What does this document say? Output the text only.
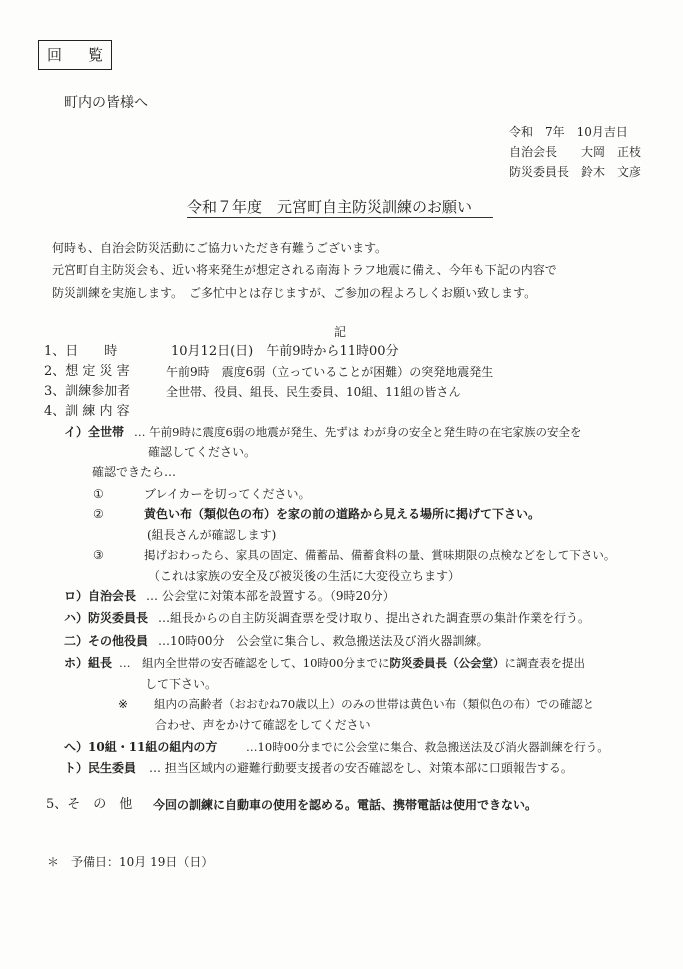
回 覧
町内の皆様へ
令和　7年　10月吉日
自治会長　　大岡　正枝
防災委員長　鈴木　文彦
令和７年度　元宮町自主防災訓練のお願い
何時も、自治会防災活動にご協力いただき有難うございます。
元宮町自主防災会も、近い将来発生が想定される南海トラフ地震に備え、今年も下記の内容で
防災訓練を実施します。　ご多忙中とは存じますが、ご参加の程よろしくお願い致します。
記
1、日　　時	10月12日(日)　午前9時から11時00分
2、想 定 災 害	午前9時　震度6弱（立っていることが困難）の突発地震発生
3、訓練参加者	全世帯、役員、組長、民生委員、10組、11組の皆さん
4、訓 練 内 容
イ）全世帯 … 午前9時に震度6弱の地震が発生、先ずは わが身の安全と発生時の在宅家族の安全を
確認してください。
確認できたら…
①	ブレイカーを切ってください。
②	黄色い布（類似色の布）を家の前の道路から見える場所に掲げて下さい。
(組長さんが確認します)
③	掲げおわったら、家具の固定、備蓄品、備蓄食料の量、賞味期限の点検などをして下さい。
（これは家族の安全及び被災後の生活に大変役立ちます）
ロ）自治会長 … 公会堂に対策本部を設置する。（9時20分）
ハ）防災委員長 …組長からの自主防災調査票を受け取り、提出された調査票の集計作業を行う。
二）その他役員 …10時00分　公会堂に集合し、救急搬送法及び消火器訓練。
ホ）組長 …　組内全世帯の安否確認をして、10時00分までに防災委員長（公会堂）に調査表を提出
して下さい。
※ 組内の高齢者（おおむね70歳以上）のみの世帯は黄色い布（類似色の布）での確認と
合わせ、声をかけて確認をしてください
へ）10組・11組の組内の方 …10時00分までに公会堂に集合、救急搬送法及び消火器訓練を行う。
ト）民生委員 … 担当区域内の避難行動要支援者の安否確認をし、対策本部に口頭報告する。
5、そ　の　他 今回の訓練に自動車の使用を認める。電話、携帯電話は使用できない。
＊　予備日：10月 19日（日）
